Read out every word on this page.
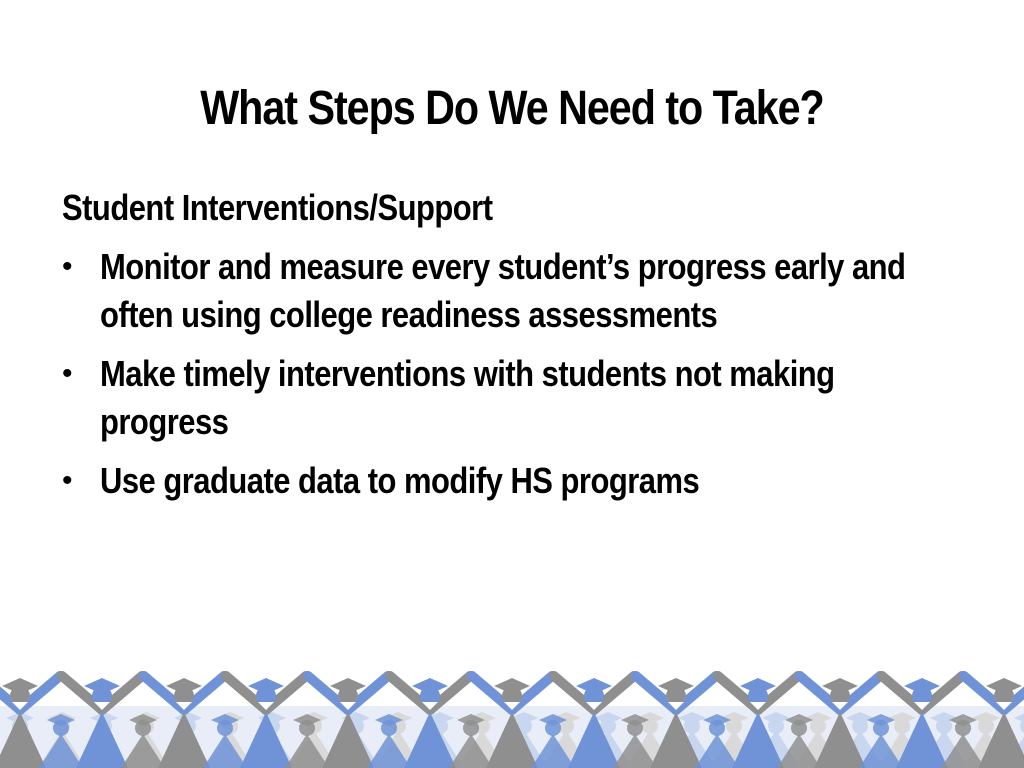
What Steps Do We Need to Take?
Student Interventions/Support
• Monitor and measure every student’s progress early and often using college readiness assessments
• Make timely interventions with students not making progress
• Use graduate data to modify HS programs
